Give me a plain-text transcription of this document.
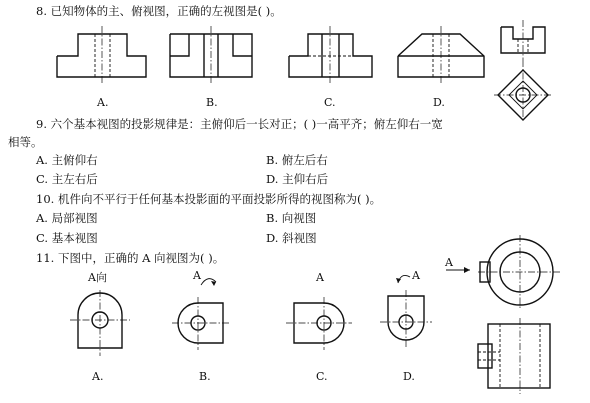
8. 已知物体的主、俯视图，正确的左视图是( )。
A.	B.	C.	D.
9. 六个基本视图的投影规律是：主俯仰后一长对正；( )一高平齐；俯左仰右一宽
相等。
A. 主俯仰右	B. 俯左后右
C. 主左右后	D. 主仰右后
10. 机件向不平行于任何基本投影面的平面投影所得的视图称为( )。
A. 局部视图	B. 向视图
C. 基本视图	D. 斜视图
11. 下图中，正确的 A 向视图为( )。
A向	A	A	A
A
A.	B.	C.	D.
